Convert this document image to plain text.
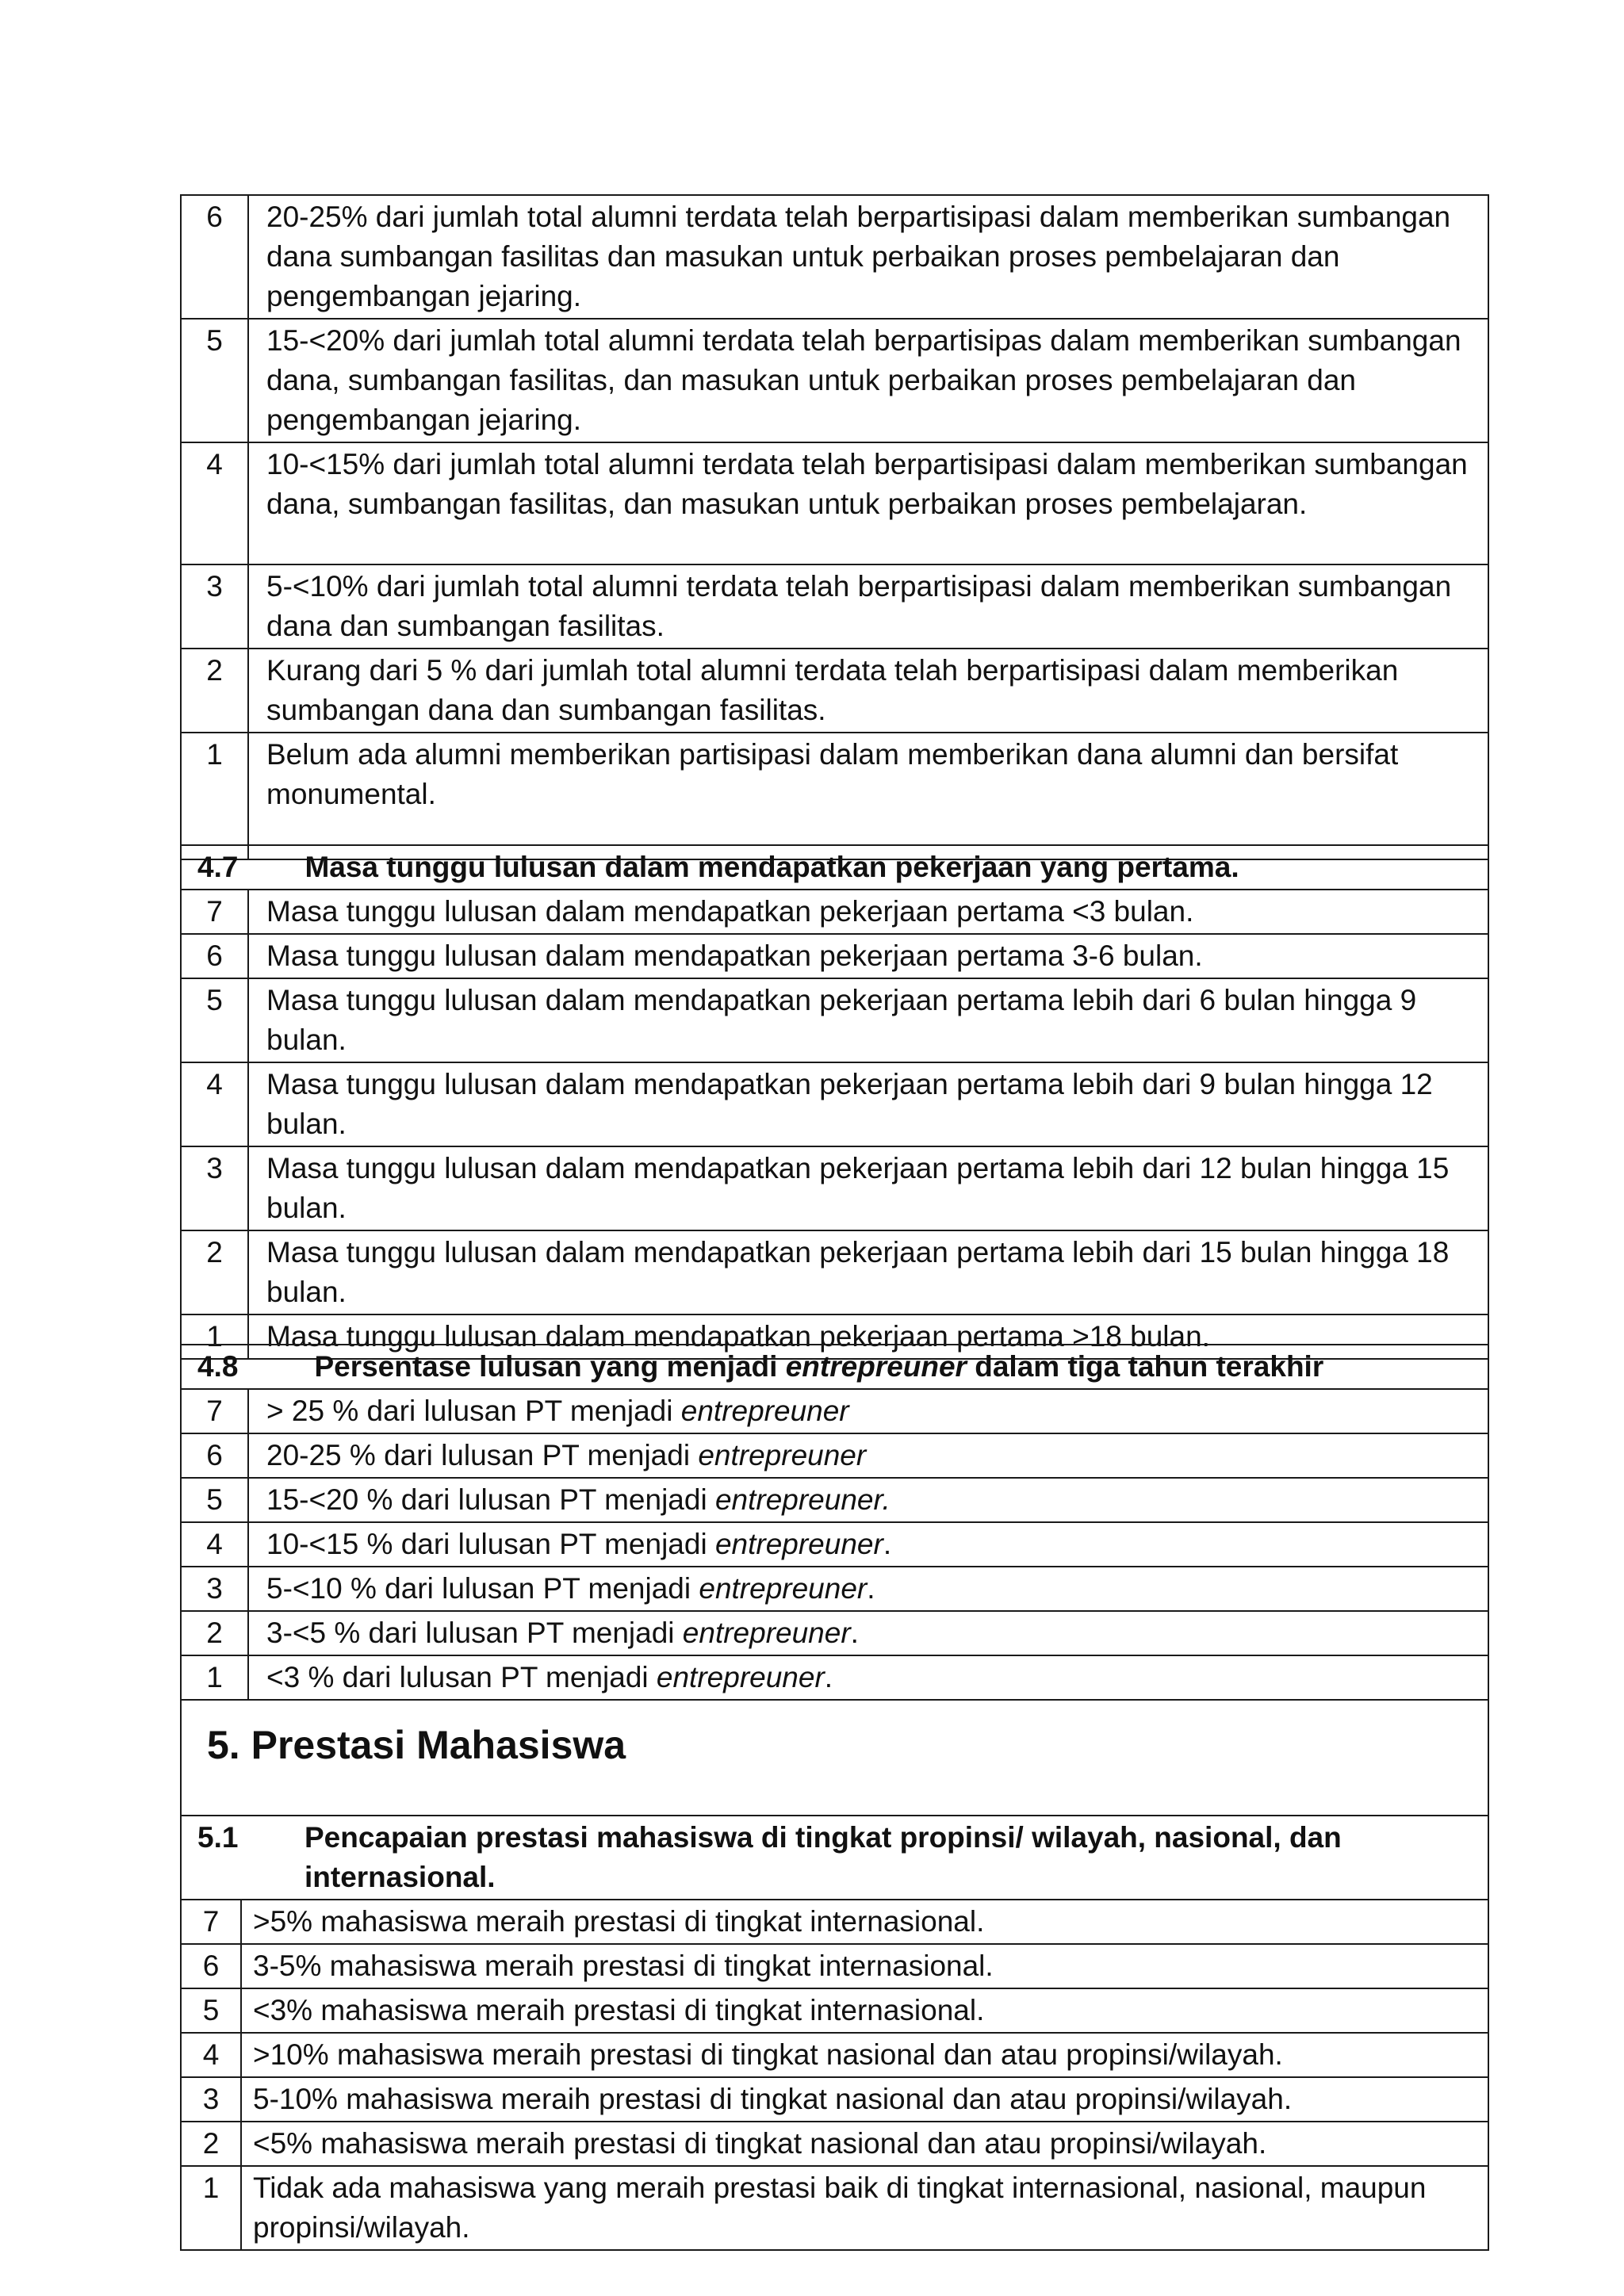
6	20-25% dari jumlah total alumni terdata telah berpartisipasi dalam memberikan sumbangan dana sumbangan fasilitas dan masukan untuk perbaikan proses pembelajaran dan pengembangan jejaring.
5	15-<20% dari jumlah total alumni terdata telah berpartisipas dalam memberikan sumbangan dana, sumbangan fasilitas, dan masukan untuk perbaikan proses pembelajaran dan pengembangan jejaring.
4	10-<15% dari jumlah total alumni terdata telah berpartisipasi dalam memberikan sumbangan dana, sumbangan fasilitas, dan masukan untuk perbaikan proses pembelajaran.
3	5-<10% dari jumlah total alumni terdata telah berpartisipasi dalam memberikan sumbangan dana dan sumbangan fasilitas.
2	Kurang dari 5 % dari jumlah total alumni terdata telah berpartisipasi dalam memberikan sumbangan dana dan sumbangan fasilitas.
1	Belum ada alumni memberikan partisipasi dalam memberikan dana alumni dan bersifat monumental.
4.7 Masa tunggu lulusan dalam mendapatkan pekerjaan yang pertama.	
7	Masa tunggu lulusan dalam mendapatkan pekerjaan pertama <3 bulan.
6	Masa tunggu lulusan dalam mendapatkan pekerjaan pertama 3-6 bulan.
5	Masa tunggu lulusan dalam mendapatkan pekerjaan pertama lebih dari 6 bulan hingga 9 bulan.
4	Masa tunggu lulusan dalam mendapatkan pekerjaan pertama lebih dari 9 bulan hingga 12 bulan.
3	Masa tunggu lulusan dalam mendapatkan pekerjaan pertama lebih dari 12 bulan hingga 15 bulan.
2	Masa tunggu lulusan dalam mendapatkan pekerjaan pertama lebih dari 15 bulan hingga 18 bulan.
1	Masa tunggu lulusan dalam mendapatkan pekerjaan pertama >18 bulan.
4.8 Persentase lulusan yang menjadi entrepreuner dalam tiga tahun terakhir	
7	> 25 % dari lulusan PT menjadi entrepreuner
6	20-25 % dari lulusan PT menjadi entrepreuner
5	15-<20 % dari lulusan PT menjadi entrepreuner.
4	10-<15 % dari lulusan PT menjadi entrepreuner.
3	5-<10 % dari lulusan PT menjadi entrepreuner.
2	3-<5 % dari lulusan PT menjadi entrepreuner.
1	<3 % dari lulusan PT menjadi entrepreuner.
5. Prestasi Mahasiswa	

5.1 Pencapaian prestasi mahasiswa di tingkat propinsi/ wilayah, nasional, dan internasional.	

7	>5% mahasiswa meraih prestasi di tingkat internasional.
6	3-5% mahasiswa meraih prestasi di tingkat internasional.
5	<3% mahasiswa meraih prestasi di tingkat internasional.
4	>10% mahasiswa meraih prestasi di tingkat nasional dan atau propinsi/wilayah.
3	5-10% mahasiswa meraih prestasi di tingkat nasional dan atau propinsi/wilayah.
2	<5% mahasiswa meraih prestasi di tingkat nasional dan atau propinsi/wilayah.
1	Tidak ada mahasiswa yang meraih prestasi baik di tingkat internasional, nasional, maupun propinsi/wilayah.
